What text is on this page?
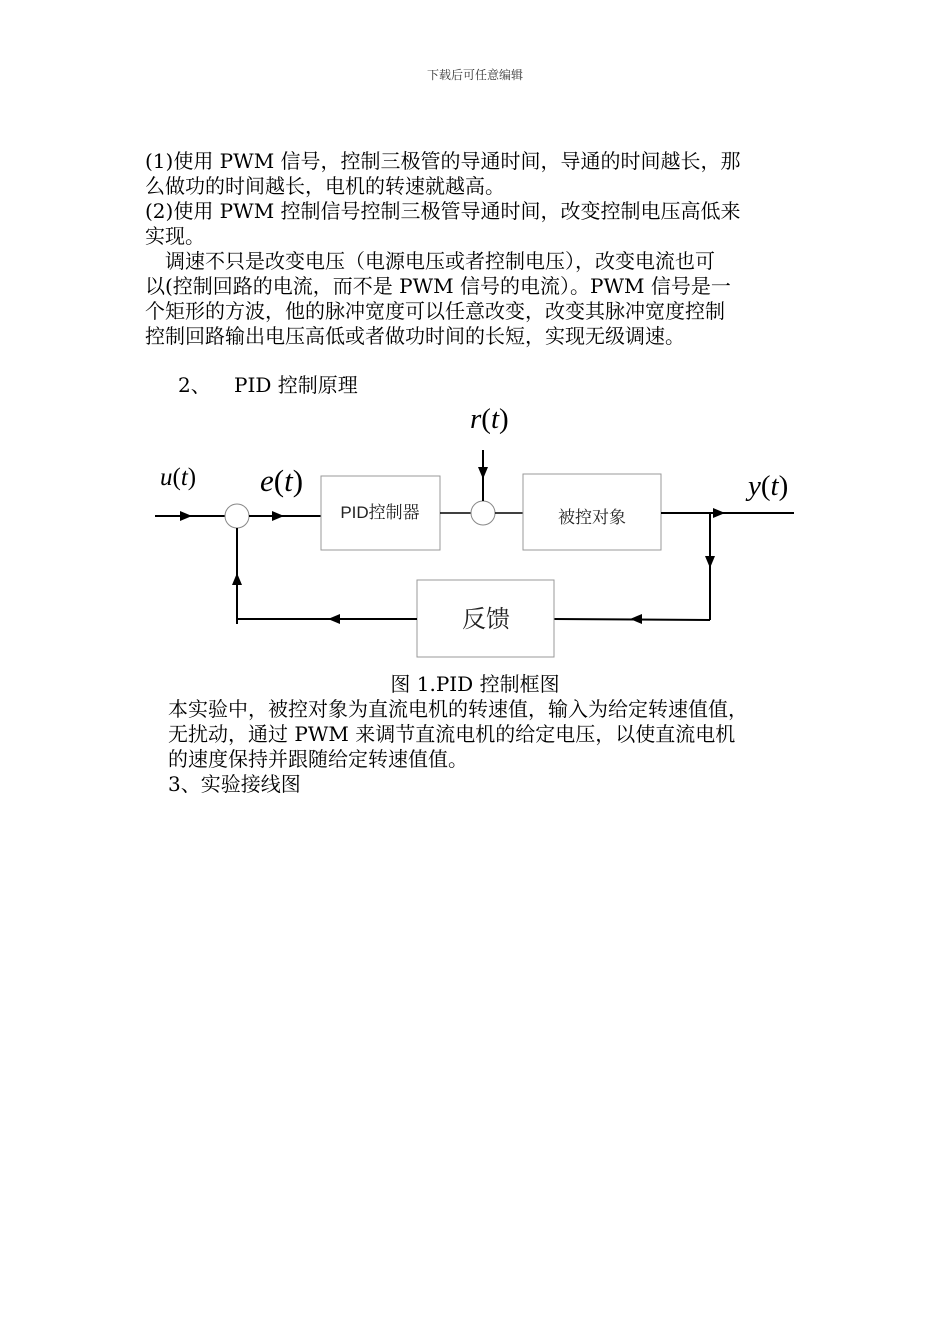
下载后可任意编辑
(1)使用 PWM 信号，控制三极管的导通时间，导通的时间越长，那
么做功的时间越长，电机的转速就越高。
(2)使用 PWM 控制信号控制三极管导通时间，改变控制电压高低来
实现。
　调速不只是改变电压（电源电压或者控制电压），改变电流也可
以(控制回路的电流，而不是 PWM 信号的电流）。PWM 信号是一
个矩形的方波，他的脉冲宽度可以任意改变，改变其脉冲宽度控制
控制回路输出电压高低或者做功时间的长短，实现无级调速。
2、 PID 控制原理
PID控制器	被控对象
反馈
u(t) e(t)
r(t)
y(t)
图 1.PID 控制框图
本实验中，被控对象为直流电机的转速值，输入为给定转速值值，
无扰动，通过 PWM 来调节直流电机的给定电压，以使直流电机
的速度保持并跟随给定转速值值。
3、实验接线图
